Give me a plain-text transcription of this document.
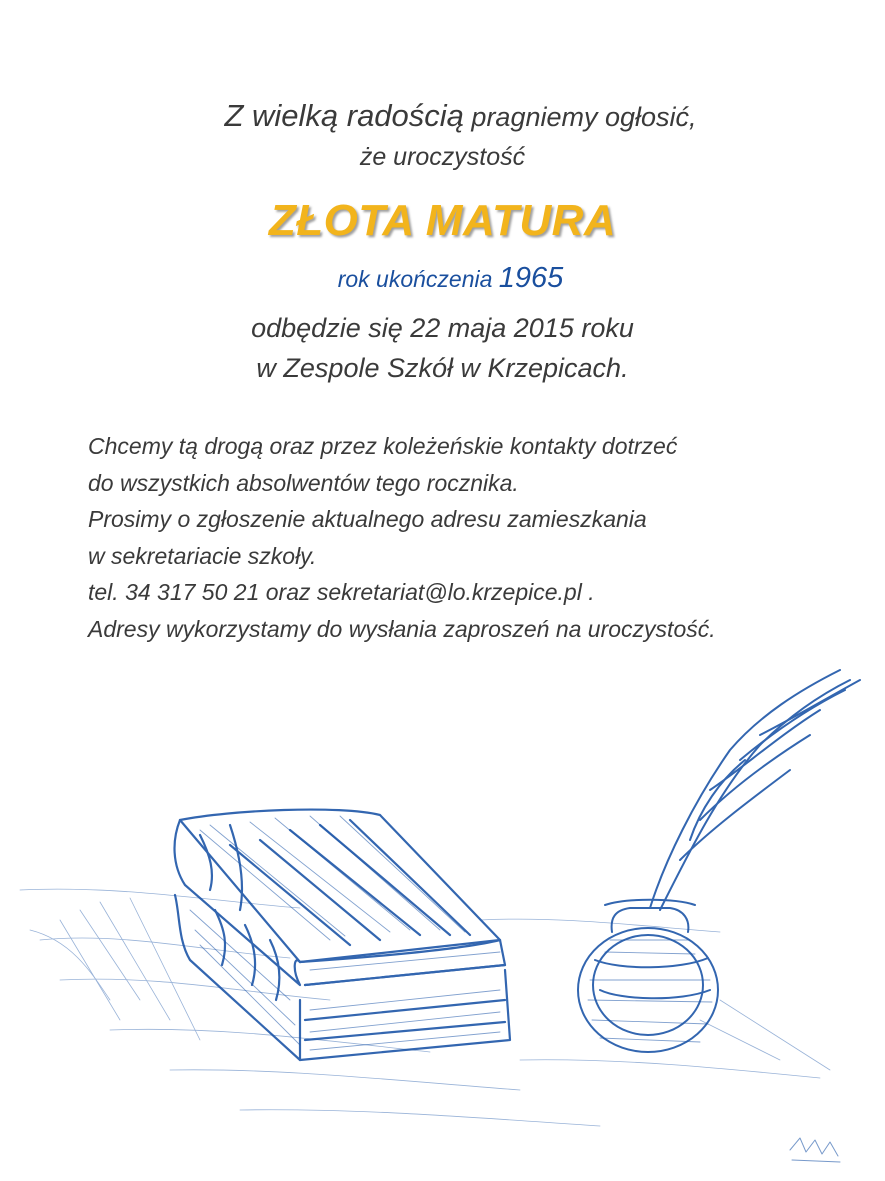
Z wielką radością pragniemy ogłosić,
że uroczystość
ZŁOTA MATURA
rok ukończenia 1965
odbędzie się 22 maja 2015 roku
w Zespole Szkół w Krzepicach.
Chcemy tą drogą oraz przez koleżeńskie kontakty dotrzeć
do wszystkich absolwentów tego rocznika.
Prosimy o zgłoszenie aktualnego adresu zamieszkania
w sekretariacie szkoły.
tel. 34 317 50 21 oraz sekretariat@lo.krzepice.pl .
Adresy wykorzystamy do wysłania zaproszeń na uroczystość.
